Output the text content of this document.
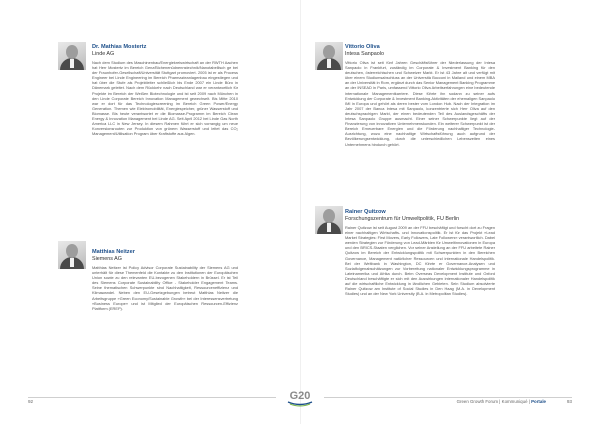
Dr. Mathias Mostertz
Linde AG

Nach dem Studium des Maschinenbau/Energiekreiswirtschaft an der RWTH Aachen hat Herr Mostertz im Bereich Genz/Bichenenüdnennstechnik/Nanotabellisch ge bei der Fraunhofer-Gesellschaft/Universität Stuttgart promoviert. 2005 ist er als Process Engineer bei Linde Engineering im Bereich Pharmazieanlagenbau eingestiegen und hat über die Stufe als Projektleiter schließlich bis Ende 2007 ein Linde Büro in Dänemark geleitet. Nach dem Rückkehr nach Deutschland war er verantwortlich für Projekte im Bereich der Weißen Biotechnologie und ist seit 2009 nach München in den Linde Corporate Bereich Innovation Management gewechselt. Bis Mitte 2010 war er dort für das Technologiescreening im Bereich Green Power/Energy Generation. Themen wie Elektromobilität, Energiespeicher, grüner Wasserstoff und Biomasse. Bis heute verantwortet er die Biomasse-Programm im Bereich Clean Energy & Innovation Management bei Linde AG. Seit April 2012 bei Linde Gas North America LLC in New Jersey. In diesem Rahmen führt er sich vorrangig um neue Konversionsrouten zur Produktion von grünem Wasserstoff und leitet das CO₂ Management/Utilisation Program über Kraftstoffe aus Algen.

Matthias Neitzer
Siemens AG

Matthias Neitzer ist Policy Advisor Corporate Sustainability der Siemens AG und unterhält für diese Themenfeld die Kontakte zu den Institutionen der Europäischen Union sowie zu den relevanten EU-bezogenen Stakeholdern in Brüssel. Er ist Teil des Siemens Corporate Sustainability Office - Stakeholder Engagement Teams. Seine thematischen Schwerpunkte sind Nachhaltigkeit, Ressourceneffizienz und Klimawandel. Neben den EU-Gesetzgebungen betreut Matthias Neitzer die Arbeitsgruppe »Green Economy/Sustainable Growth« bei der Interessensvertretung »Business Europe« und ist Mitglied der Europäischen Ressourcen-Effizienz Plattform (EREP).

Vittorio Oliva
Intesa Sanpaolo

Vittorio Oliva ist seit fünf Jahren Geschäftsführer der Niederlassung der Intesa Sanpaolo in Frankfurt, zuständig im Corporate & Investment Banking für den deutschen, österreichischen und Schweizer Markt. Er ist 43 Jahre alt und verfügt mit über einem Studiumsabschluss an der Università Bocconi in Mailand und einem MBA an der Universität in Rom, ergänzt durch das Senior Management Banking Programme an der INSEAD in Paris, umfassend Vittorio Oliva Arbeitserfahrungen eine bedeutende internationale Managementkarriere. Diese führte ihn sodann zu seiner aufs Entwicklung der Corporate & Investment Banking-Aktivitäten der ehemaligen Sanpaolo IMI in Europa und gehört als deren bester vom London Hub. Nach der Integration im Jahr 2007 der Banca Intesa mit Sanpaolo, konzentrierte sich Herr Oliva auf den deutschsprachigen Markt, der einen bedeutenden Teil des Auslandsgeschäfts der Intesa Sanpaolo Gruppe ausmacht. Einer seiner Schwerpunkte liegt auf der Finanzierung von innovativen Unternehmenskunden. Ein weiterer Schwerpunkt ist der Bereich Erneuerbare Energien und die Förderung nachhaltiger Technologie-Ausrichtung, wozu eine nachhaltige Wirtschaftsführung auch aufgrund der Bevölkerungsentwicklung, durch die unterschiedlichen Lebenszeiten eines Unternehmens hindurch gehört.

Rainer Quitzow
Forschungszentrum für Umweltpolitik, FU Berlin

Rainer Quitzow ist seit August 2009 an der FFU beschäftigt und forscht dort zu Fragen einer nachhaltigen Wirtschafts- und Innovationspolitik. Er ist für das Projekt »Lead Market Strategies: First Movers, Early Followers, Late Followers« verantwortlich. Dabei werden Strategien zur Förderung von Lead-Märkten für Umweltinnovationen in Europa und den BRICS-Staaten verglichen. Vor seiner Anstellung an der FFU arbeitete Rainer Quitzow im Bereich der Entwicklungspolitik mit Schwerpunkten in den Bereichen Governance, Management natürlicher Ressourcen und internationale Handelspolitik. Bei der Weltbank in Washington, DC führte er Governance-Analysen und Sozialfolgenabschätzungen zur Vorbereitung nationaler Entwicklungsprogramme in Lateinamerika und Afrika durch. Beim Overseas Development Institute und Oxford Deutschland beschäftigte er sich mit den Auswirkungen internationaler Handelspolitik auf die wirtschaftliche Entwicklung in ländlichen Gebieten. Sein Studium absolvierte Rainer Quitzow am Institute of Social Studies in Den Haag (M.A. in Development Studies) und an der New York University (B.A. in Metropolitan Studies).

92	93
Green Growth Forum | Kommuniqué | Portale
G20
